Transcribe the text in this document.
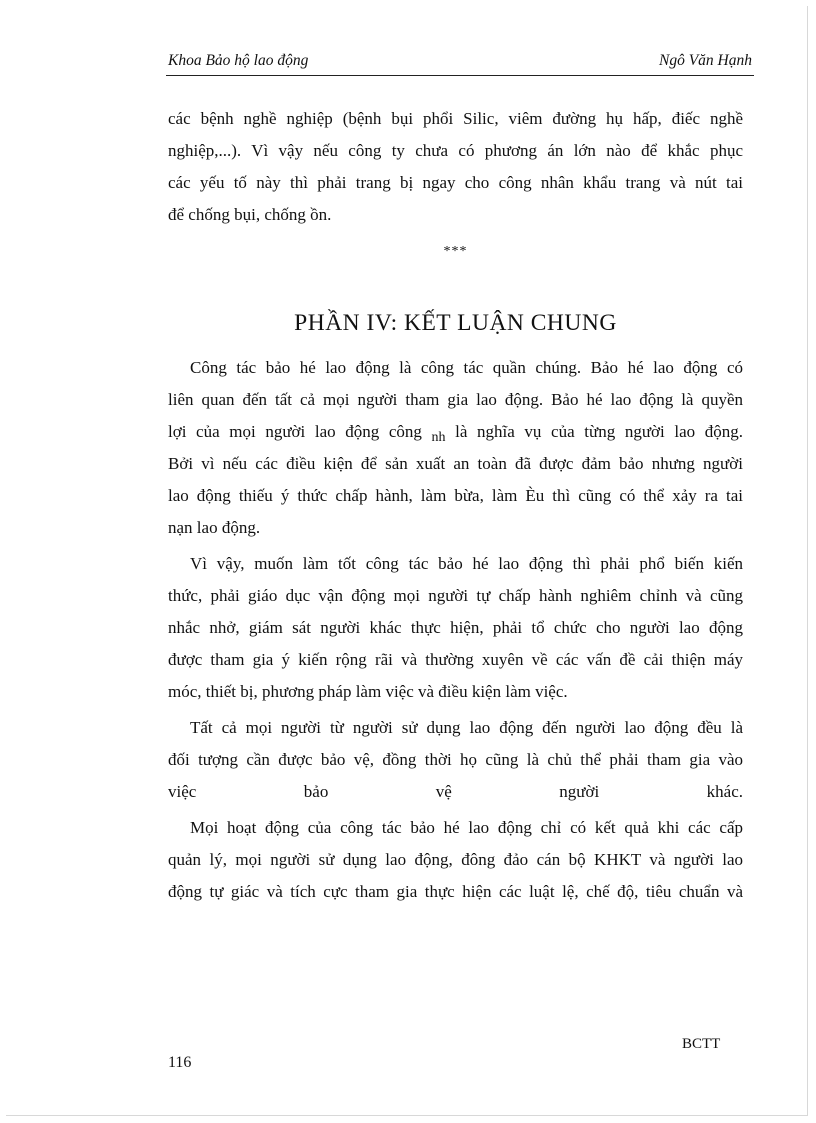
Khoa Bảo hộ lao động	Ngô Văn Hạnh
các bệnh nghề nghiệp (bệnh bụi phổi Silic, viêm đường hụ hấp, điếc nghề
nghiệp,...). Vì vậy nếu công ty chưa có phương án lớn nào để khắc phục
các yếu tố này thì phải trang bị ngay cho công nhân khẩu trang và nút tai
để chống bụi, chống ồn.
***
PHẦN IV: KẾT LUẬN CHUNG
Công tác bảo hé lao động là công tác quần chúng. Bảo hé lao động có
liên quan đến tất cả mọi người tham gia lao động. Bảo hé lao động là quyền
lợi của mọi người lao động công $_{nh}$ là nghĩa vụ của từng người lao động.
Bởi vì nếu các điều kiện để sản xuất an toàn đã được đảm bảo nhưng người
lao động thiếu ý thức chấp hành, làm bừa, làm Èu thì cũng có thể xảy ra tai
nạn lao động.
Vì vậy, muốn làm tốt công tác bảo hé lao động thì phải phổ biến kiến
thức, phải giáo dục vận động mọi người tự chấp hành nghiêm chỉnh và cũng
nhắc nhở, giám sát người khác thực hiện, phải tổ chức cho người lao động
được tham gia ý kiến rộng rãi và thường xuyên về các vấn đề cải thiện máy
móc, thiết bị, phương pháp làm việc và điều kiện làm việc.
Tất cả mọi người từ người sử dụng lao động đến người lao động đều là
đối tượng cần được bảo vệ, đồng thời họ cũng là chủ thể phải tham gia vào
việc bảo vệ người khác.
Mọi hoạt động của công tác bảo hé lao động chỉ có kết quả khi các cấp
quản lý, mọi người sử dụng lao động, đông đảo cán bộ KHKT và người lao
động tự giác và tích cực tham gia thực hiện các luật lệ, chế độ, tiêu chuẩn và
BCTT
116
